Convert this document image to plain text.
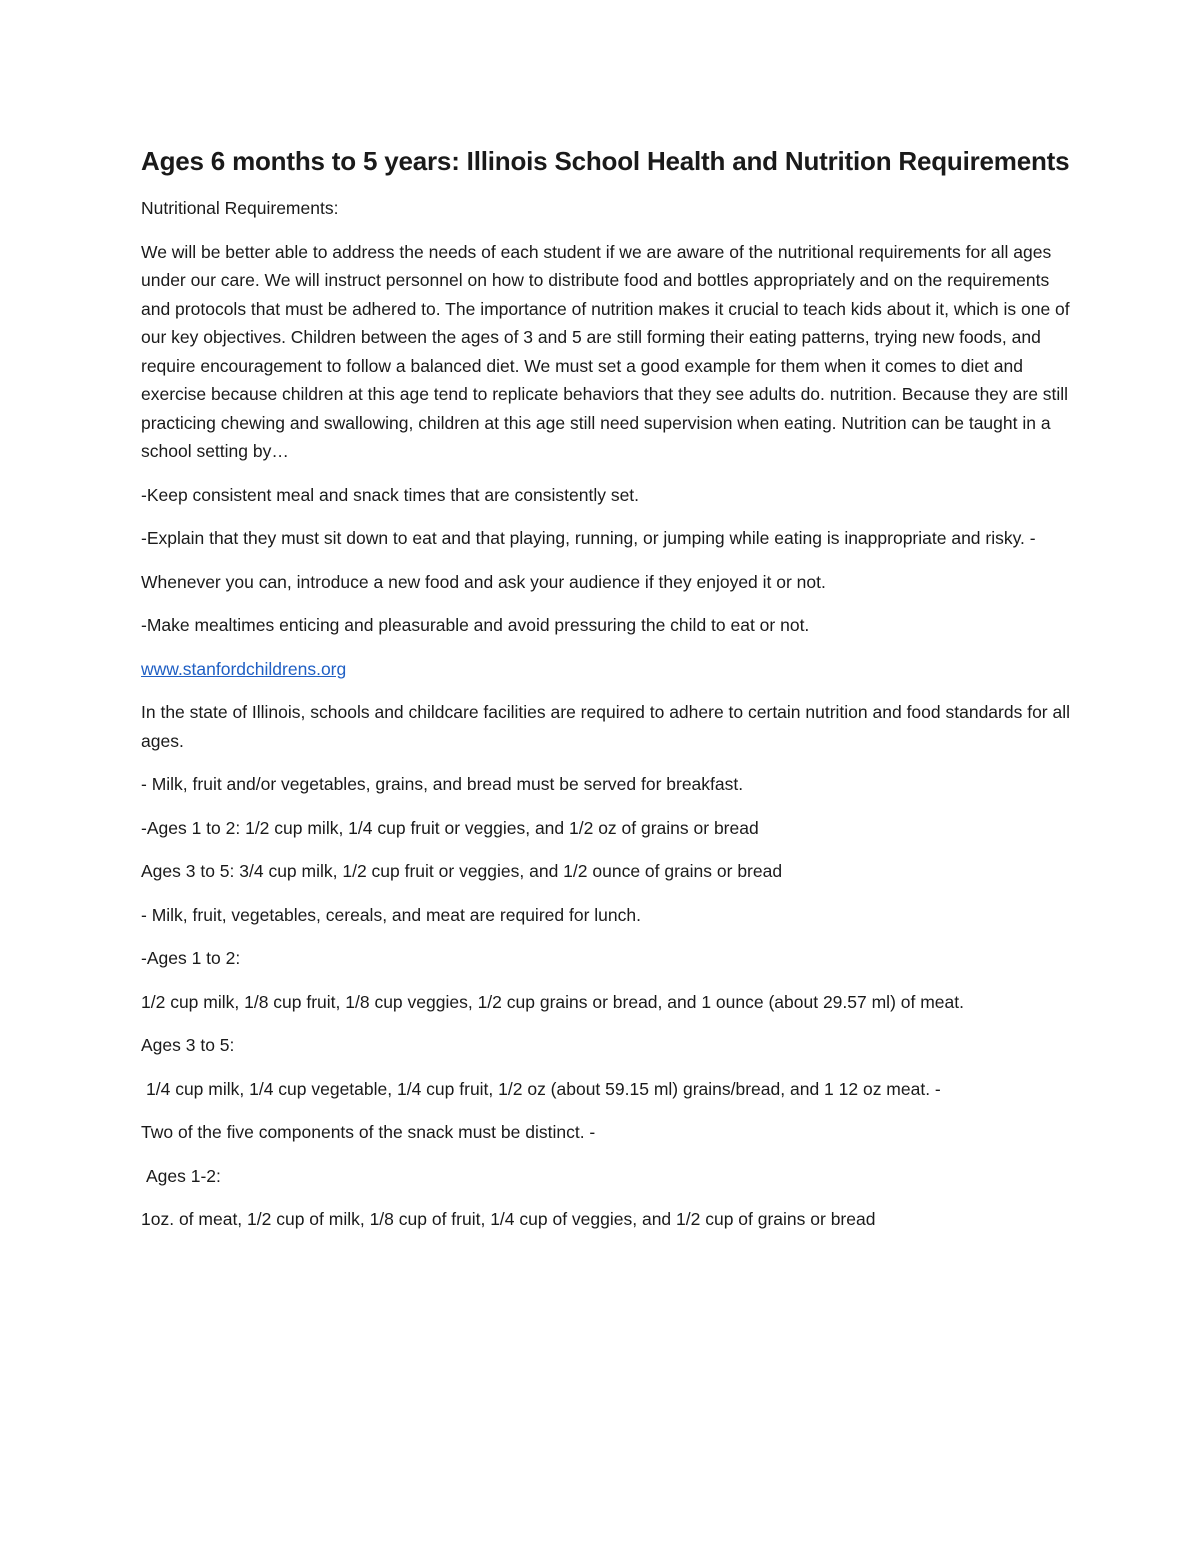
Ages 6 months to 5 years: Illinois School Health and Nutrition Requirements

Nutritional Requirements:

We will be better able to address the needs of each student if we are aware of the nutritional requirements for all ages under our care. We will instruct personnel on how to distribute food and bottles appropriately and on the requirements and protocols that must be adhered to. The importance of nutrition makes it crucial to teach kids about it, which is one of our key objectives. Children between the ages of 3 and 5 are still forming their eating patterns, trying new foods, and require encouragement to follow a balanced diet. We must set a good example for them when it comes to diet and exercise because children at this age tend to replicate behaviors that they see adults do. nutrition. Because they are still practicing chewing and swallowing, children at this age still need supervision when eating. Nutrition can be taught in a school setting by…

-Keep consistent meal and snack times that are consistently set.

-Explain that they must sit down to eat and that playing, running, or jumping while eating is inappropriate and risky. -

Whenever you can, introduce a new food and ask your audience if they enjoyed it or not.

-Make mealtimes enticing and pleasurable and avoid pressuring the child to eat or not.

www.stanfordchildrens.org

In the state of Illinois, schools and childcare facilities are required to adhere to certain nutrition and food standards for all ages.

- Milk, fruit and/or vegetables, grains, and bread must be served for breakfast.

-Ages 1 to 2: 1/2 cup milk, 1/4 cup fruit or veggies, and 1/2 oz of grains or bread

Ages 3 to 5: 3/4 cup milk, 1/2 cup fruit or veggies, and 1/2 ounce of grains or bread

- Milk, fruit, vegetables, cereals, and meat are required for lunch.

-Ages 1 to 2:

1/2 cup milk, 1/8 cup fruit, 1/8 cup veggies, 1/2 cup grains or bread, and 1 ounce (about 29.57 ml) of meat.

Ages 3 to 5:

1/4 cup milk, 1/4 cup vegetable, 1/4 cup fruit, 1/2 oz (about 59.15 ml) grains/bread, and 1 12 oz meat. -

Two of the five components of the snack must be distinct. -

Ages 1-2:

1oz. of meat, 1/2 cup of milk, 1/8 cup of fruit, 1/4 cup of veggies, and 1/2 cup of grains or bread
